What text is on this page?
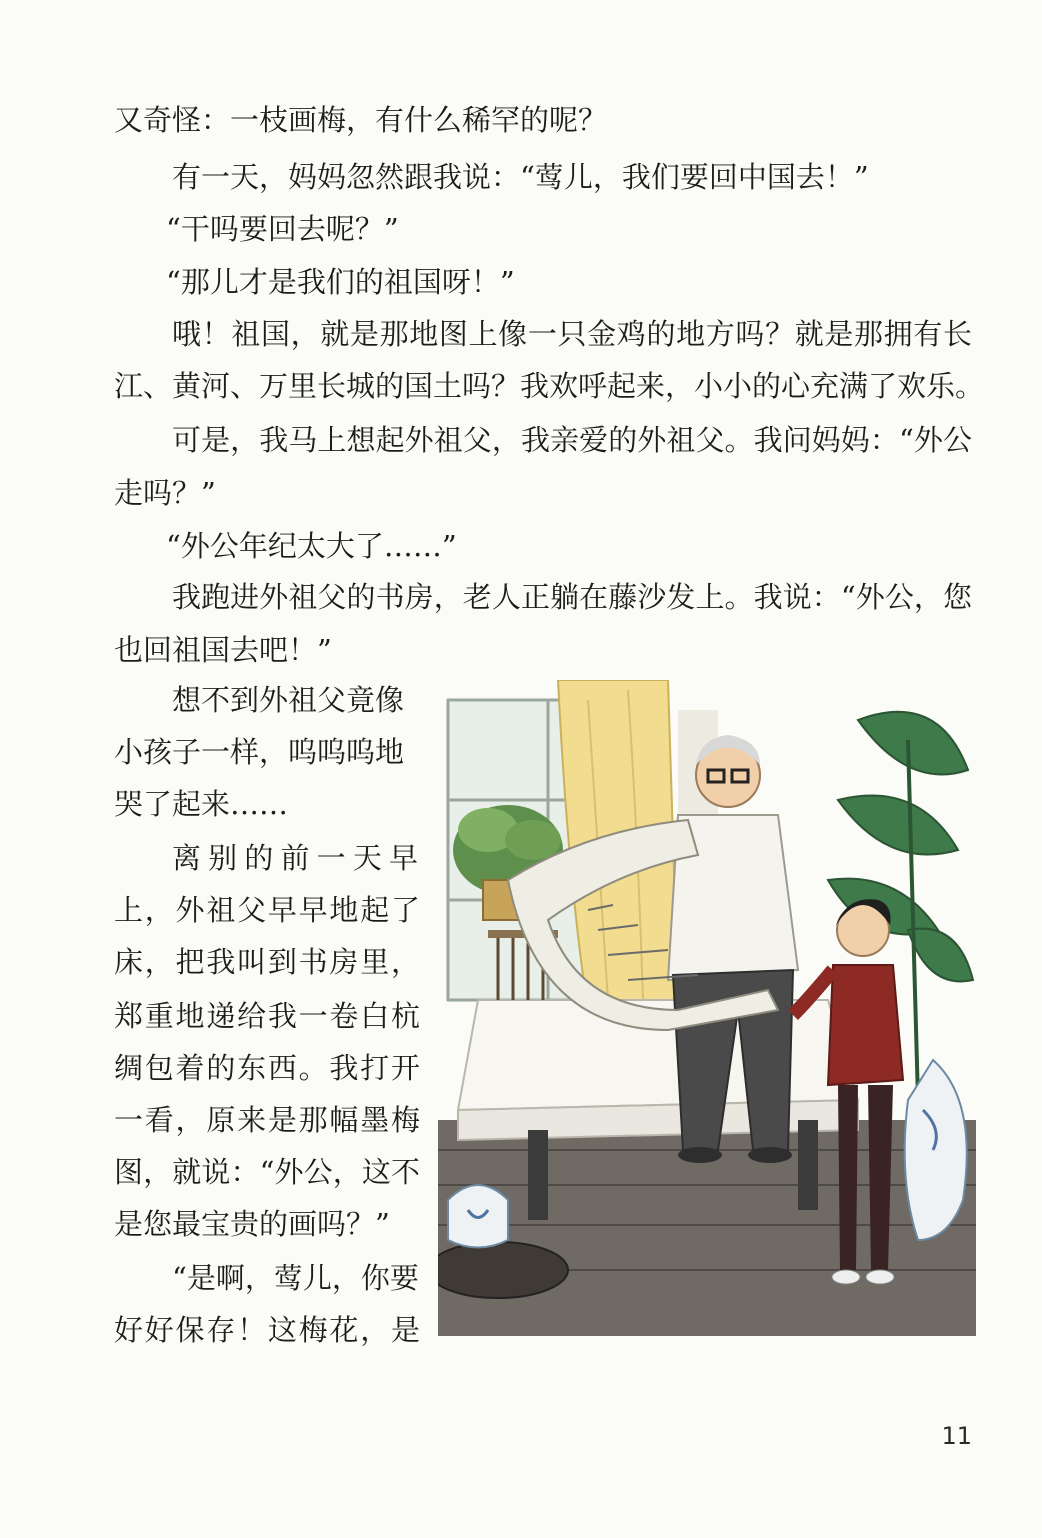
又奇怪：一枝画梅，有什么稀罕的呢？

有一天，妈妈忽然跟我说：“莺儿，我们要回中国去！”

“干吗要回去呢？”

“那儿才是我们的祖国呀！”

哦！祖国，就是那地图上像一只金鸡的地方吗？就是那拥有长

江、黄河、万里长城的国土吗？我欢呼起来，小小的心充满了欢乐。

可是，我马上想起外祖父，我亲爱的外祖父。我问妈妈：“外公

走吗？”

“外公年纪太大了……”

我跑进外祖父的书房，老人正躺在藤沙发上。我说：“外公，您

也回祖国去吧！”

想不到外祖父竟像

小孩子一样，呜呜呜地

哭了起来……

离别的前一天早

上，外祖父早早地起了

床，把我叫到书房里，

郑重地递给我一卷白杭

绸包着的东西。我打开

一看，原来是那幅墨梅

图，就说：“外公，这不

是您最宝贵的画吗？”

“是啊，莺儿，你要

好好保存！这梅花，是

11
